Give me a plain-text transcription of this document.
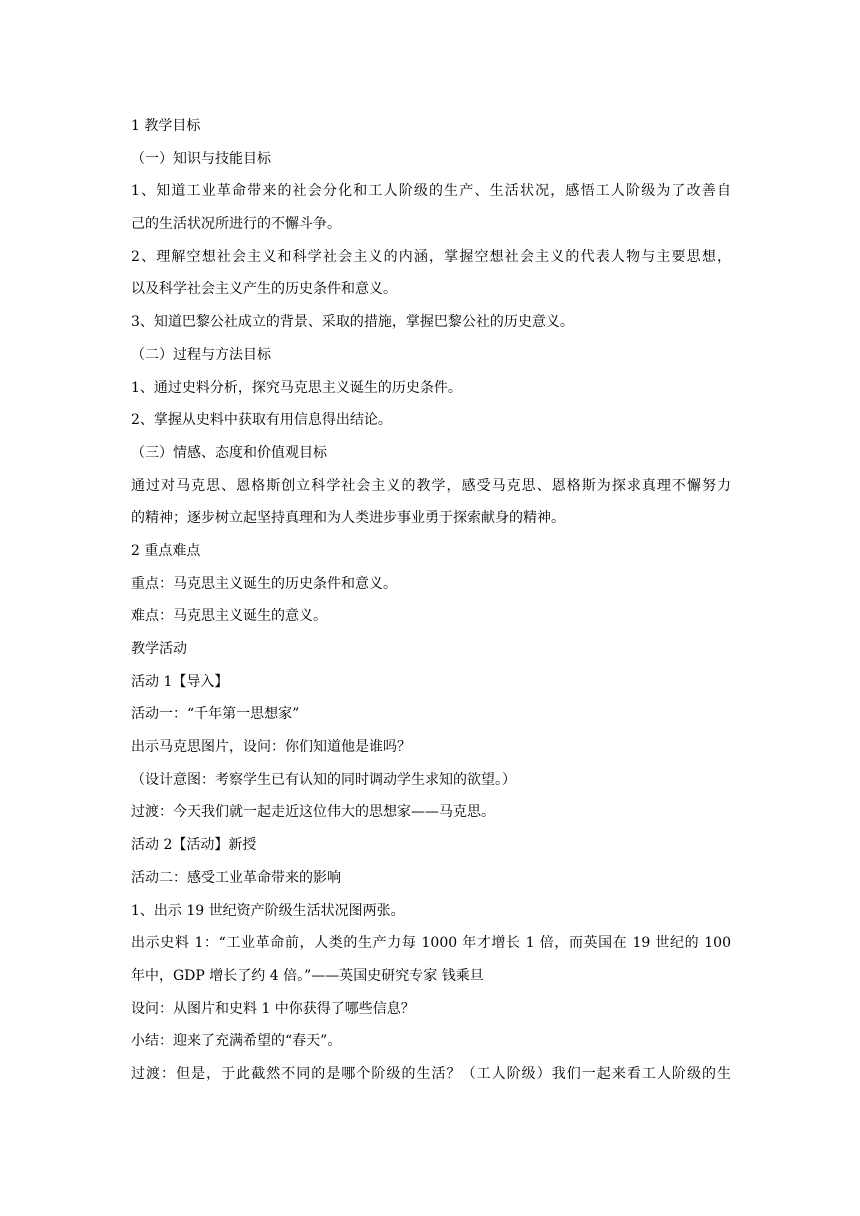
1 教学目标
（一）知识与技能目标
1、知道工业革命带来的社会分化和工人阶级的生产、生活状况，感悟工人阶级为了改善自
己的生活状况所进行的不懈斗争。
2、理解空想社会主义和科学社会主义的内涵，掌握空想社会主义的代表人物与主要思想，
以及科学社会主义产生的历史条件和意义。
3、知道巴黎公社成立的背景、采取的措施，掌握巴黎公社的历史意义。
（二）过程与方法目标
1、通过史料分析，探究马克思主义诞生的历史条件。
2、掌握从史料中获取有用信息得出结论。
（三）情感、态度和价值观目标
通过对马克思、恩格斯创立科学社会主义的教学，感受马克思、恩格斯为探求真理不懈努力
的精神；逐步树立起坚持真理和为人类进步事业勇于探索献身的精神。
2 重点难点
重点：马克思主义诞生的历史条件和意义。
难点：马克思主义诞生的意义。
教学活动
活动 1【导入】
活动一：“千年第一思想家”
出示马克思图片，设问：你们知道他是谁吗？
（设计意图：考察学生已有认知的同时调动学生求知的欲望。）
过渡：今天我们就一起走近这位伟大的思想家——马克思。
活动 2【活动】新授
活动二：感受工业革命带来的影响
1、出示 19 世纪资产阶级生活状况图两张。
出示史料 1：“工业革命前，人类的生产力每 1000 年才增长 1 倍，而英国在 19 世纪的 100
年中，GDP 增长了约 4 倍。”——英国史研究专家 钱乘旦
设问：从图片和史料 1 中你获得了哪些信息？
小结：迎来了充满希望的“春天”。
过渡：但是，于此截然不同的是哪个阶级的生活？（工人阶级）我们一起来看工人阶级的生
